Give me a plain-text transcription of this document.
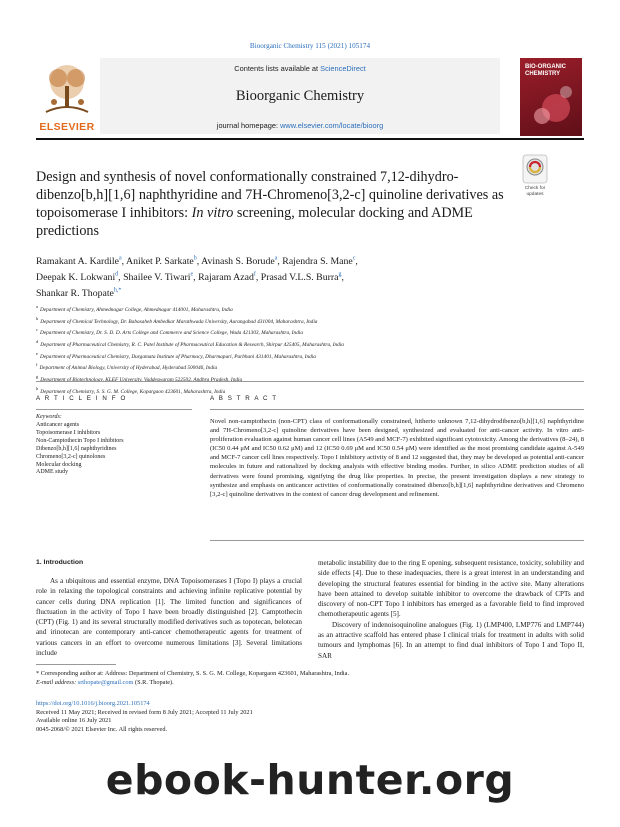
Bioorganic Chemistry 115 (2021) 105174
ELSEVIER
Contents lists available at ScienceDirect
Bioorganic Chemistry
journal homepage: www.elsevier.com/locate/bioorg
BIO-ORGANIC CHEMISTRY
Design and synthesis of novel conformationally constrained 7,12-dihydro-dibenzo[b,h][1,6] naphthyridine and 7H-Chromeno[3,2-c] quinoline derivatives as topoisomerase I inhibitors: In vitro screening, molecular docking and ADME predictions
Check for
updates
Ramakant A. Kardile$^a$, Aniket P. Sarkate$^b$, Avinash S. Borude$^a$, Rajendra S. Mane$^c$,
Deepak K. Lokwani$^d$, Shailee V. Tiwari$^e$, Rajaram Azad$^f$, Prasad V.L.S. Burra$^g$,
Shankar R. Thopate$^{h,*}$
$^a$Department of Chemistry, Ahmednagar College, Ahmednagar 414001, Maharashtra, India
$^b$Department of Chemical Technology, Dr. Babasaheb Ambedkar Marathwada University, Aurangabad 431004, Maharashtra, India
$^c$Department of Chemistry, Dr. S. D. D. Arts College and Commerce and Science College, Wada 421303, Maharashtra, India
$^d$Department of Pharmaceutical Chemistry, R. C. Patel Institute of Pharmaceutical Education & Research, Shirpur 425405, Maharashtra, India
$^e$Department of Pharmaceutical Chemistry, Durgamata Institute of Pharmacy, Dharmapuri, Parbhani 431401, Maharashtra, India
$^f$Department of Animal Biology, University of Hyderabad, Hyderabad 500046, India
$^g$Department of Biotechnology, KLEF University, Vaddeswaram 522502, Andhra Pradesh, India
$^h$Department of Chemistry, S. S. G. M. College, Kopargaon 423601, Maharashtra, India
A R T I C L E I N F O
Keywords:
Anticancer agents
Topoisomerase I inhibitors
Non-Camptothecin Topo I inhibitors
Dibenzo[b,h][1,6] naphthyridines
Chromeno[3,2-c] quinolones
Molecular docking
ADME study
A B S T R A C T
Novel non-camptothecin (non-CPT) class of conformationally constrained, hitherto unknown 7,12-dihydrodibenzo[b,h][1,6] naphthyridine and 7H-Chromeno[3,2-c] quinoline derivatives have been designed, synthesized and evaluated for anti-cancer activity. In vitro anti-proliferation evaluation against human cancer cell lines (A549 and MCF-7) exhibited significant cytotoxicity. Among the derivatives (8–24), 8 (IC50 0.44 μM and IC50 0.62 μM) and 12 (IC50 0.69 μM and IC50 0.54 μM) were identified as the most promising candidate against A-549 and MCF-7 cancer cell lines respectively. Topo I inhibitory activity of 8 and 12 suggested that, they may be developed as potential anti-cancer molecules in future and rationalized by docking analysis with effective binding modes. Further, in silico ADME prediction studies of all derivatives were found promising, signifying the drug like properties. In precise, the present investigation displays a new strategy to synthesize and emphasis on anticancer activities of conformationally constrained dibenzo[b,h][1,6] naphthyridine derivatives and Chromeno [3,2-c] quinoline derivatives in the context of cancer drug development and refinement.
1. Introduction

As a ubiquitous and essential enzyme, DNA Topoisomerases I (Topo I) plays a crucial role in relaxing the topological constraints and achieving infinite replicative potential by cancer cells during DNA replication [1]. The limited function and significances of fluctuation in the activity of Topo I have been broadly distinguished [2]. Camptothecin (CPT) (Fig. 1) and its several structurally modified derivatives such as topotecan, belotecan and irinotecan are contemporary anti-cancer chemotherapeutic agents for treatment of various cancers in an effort to overcome numerous limitations [3]. Several limitations include

metabolic instability due to the ring E opening, subsequent resistance, toxicity, solubility and side effects [4]. Due to these inadequacies, there is a great interest in an understanding and developing the structural features essential for binding in the active site. Many alterations have been attained to develop suitable inhibitor to overcome the drawback of CPTs and discovery of non-CPT Topo I inhibitors has emerged as a favorable field to find improved chemotherapeutic agents [5].

Discovery of indenoisoquinoline analogues (Fig. 1) (LMP400, LMP776 and LMP744) as an attractive scaffold has entered phase I clinical trials for treatment in adults with solid tumours and lymphomas [6]. In an attempt to find dual inhibitors of Topo I and Topo II, SAR

* Corresponding author at: Address: Department of Chemistry, S. S. G. M. College, Kopargaon 423601, Maharashtra, India.
E-mail address: srthopate@gmail.com (S.R. Thopate).
https://doi.org/10.1016/j.bioorg.2021.105174
Received 11 May 2021; Received in revised form 8 July 2021; Accepted 11 July 2021
Available online 16 July 2021
0045-2068/© 2021 Elsevier Inc. All rights reserved.
ebook-hunter.org
